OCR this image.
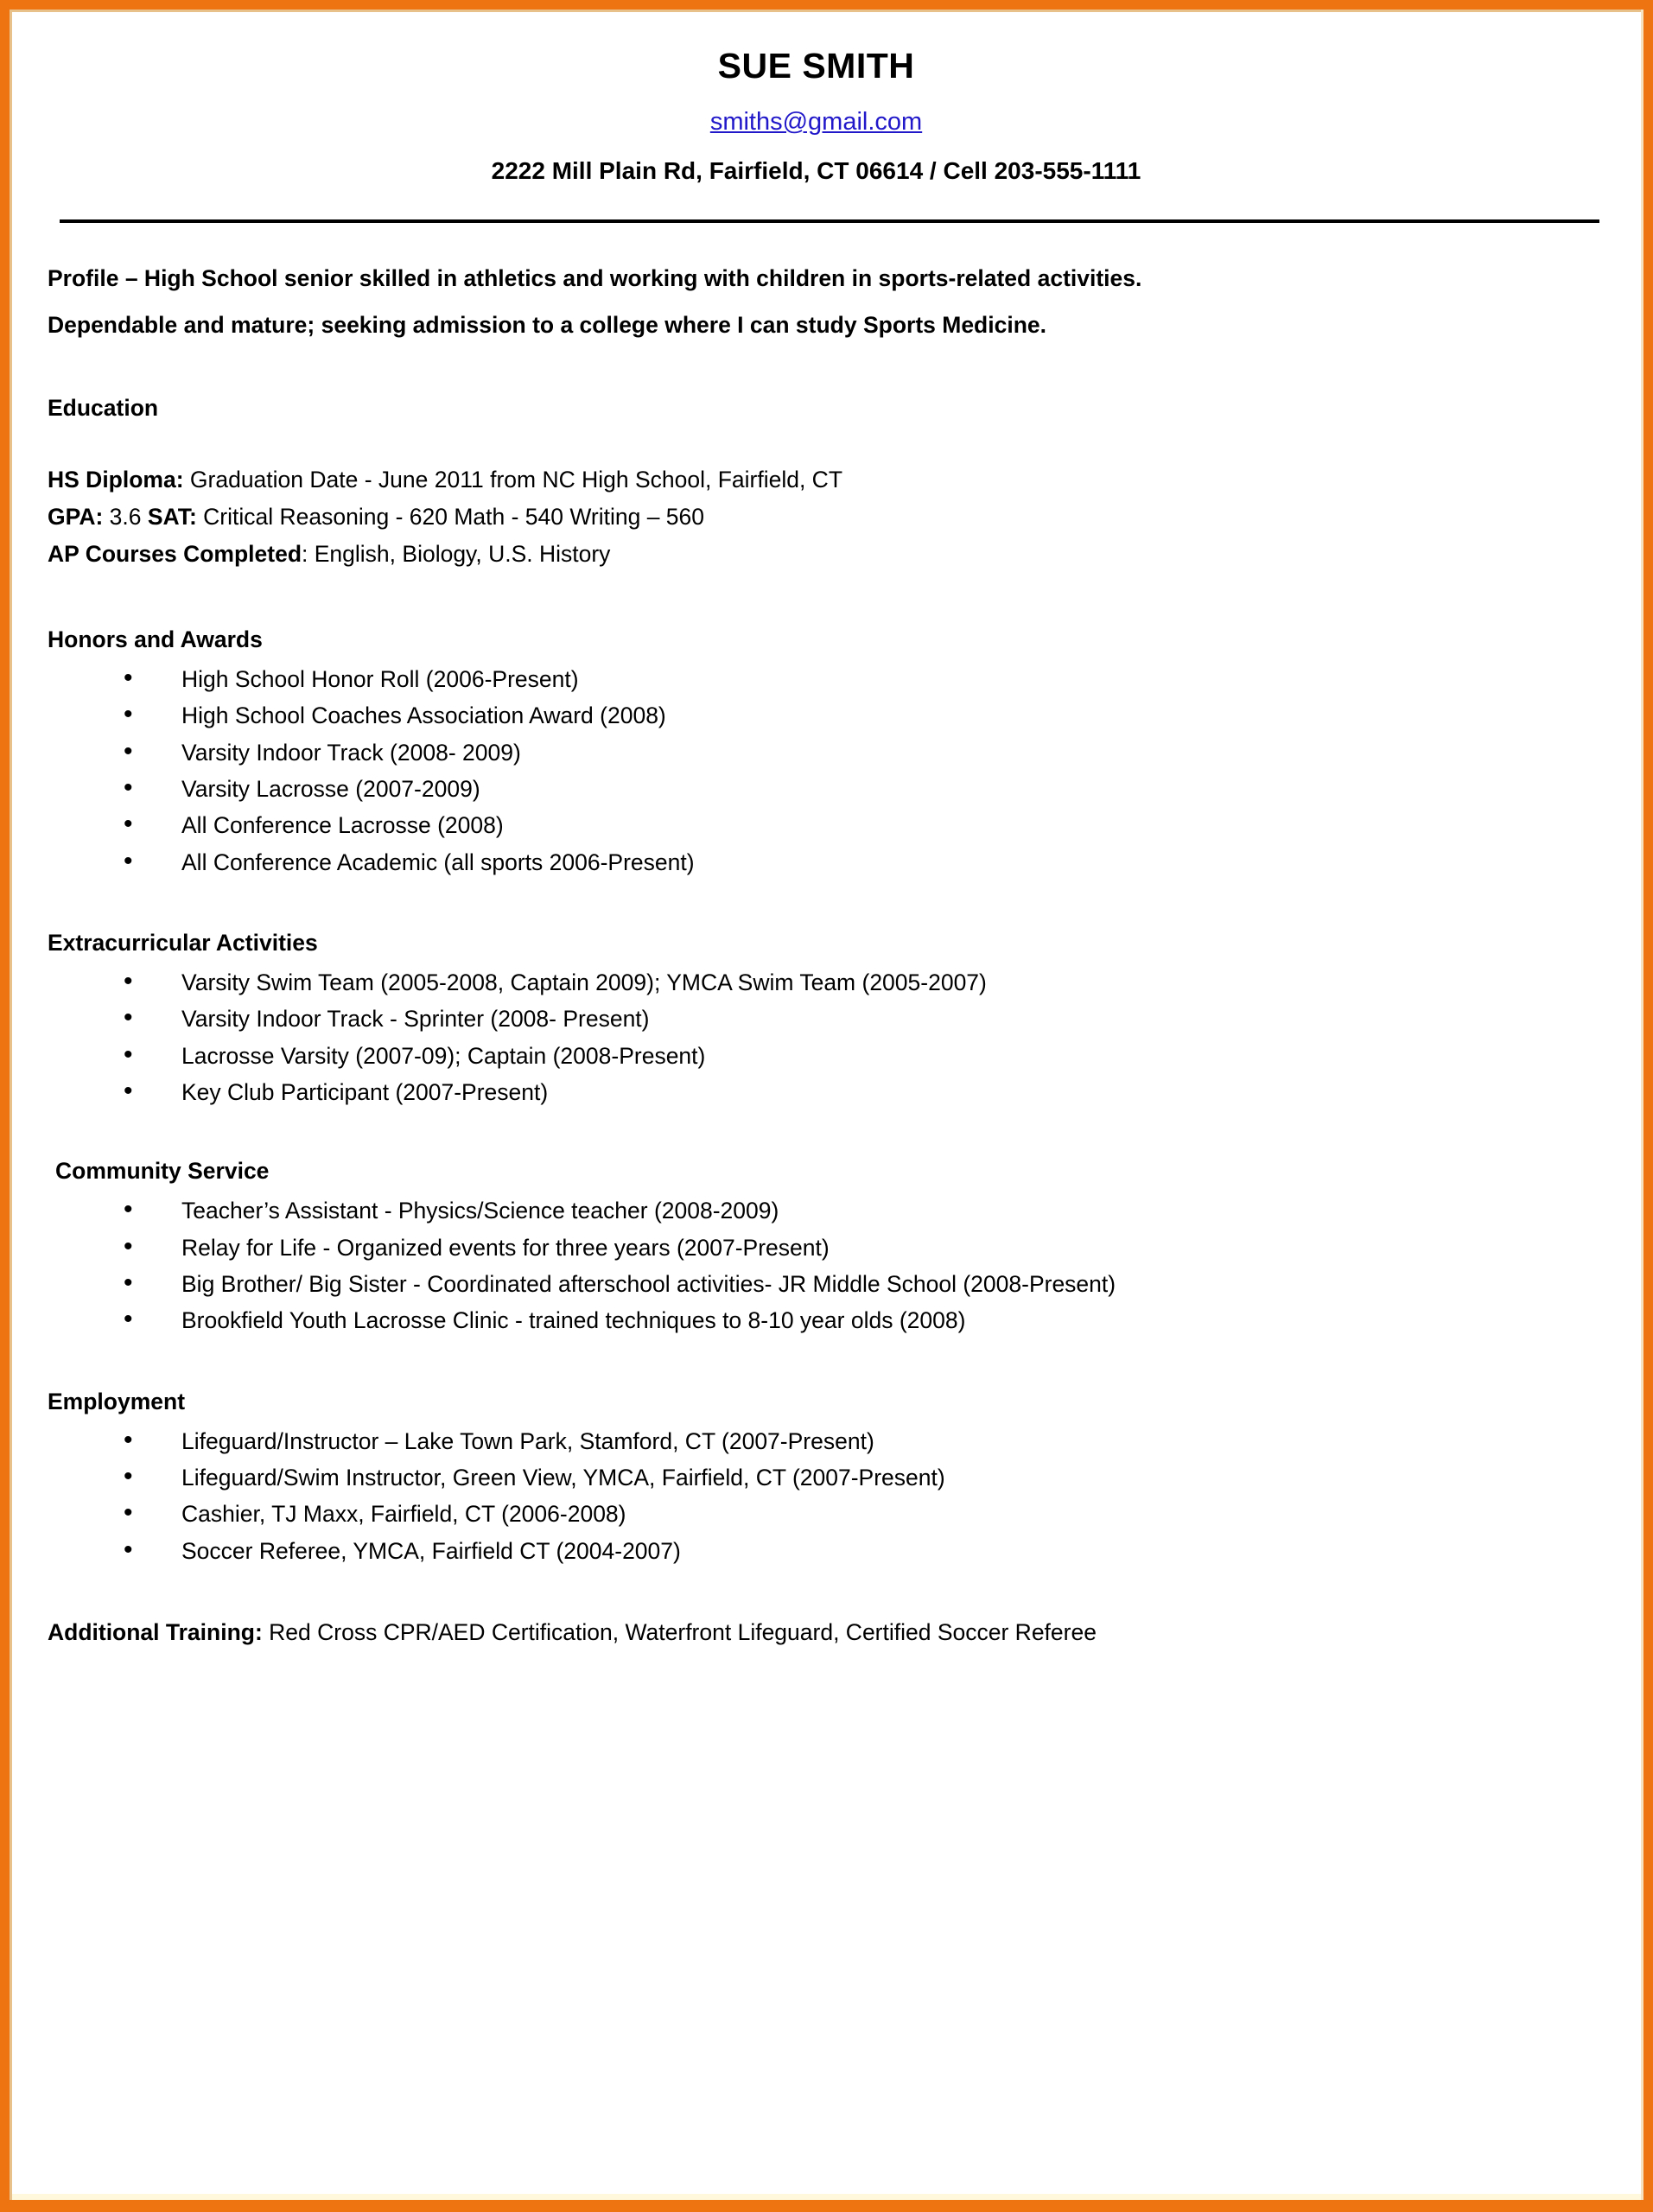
SUE SMITH
smiths@gmail.com
2222 Mill Plain Rd, Fairfield, CT 06614 / Cell 203-555-1111
Profile – High School senior skilled in athletics and working with children in sports-related activities.
Dependable and mature; seeking admission to a college where I can study Sports Medicine.
Education
HS Diploma: Graduation Date - June 2011 from NC High School, Fairfield, CT
GPA: 3.6 SAT: Critical Reasoning - 620 Math - 540 Writing – 560
AP Courses Completed: English, Biology, U.S. History
Honors and Awards
• High School Honor Roll (2006-Present)
• High School Coaches Association Award (2008)
• Varsity Indoor Track (2008- 2009)
• Varsity Lacrosse (2007-2009)
• All Conference Lacrosse (2008)
• All Conference Academic (all sports 2006-Present)
Extracurricular Activities
• Varsity Swim Team (2005-2008, Captain 2009); YMCA Swim Team (2005-2007)
• Varsity Indoor Track - Sprinter (2008- Present)
• Lacrosse Varsity (2007-09); Captain (2008-Present)
• Key Club Participant (2007-Present)
Community Service
• Teacher’s Assistant - Physics/Science teacher (2008-2009)
• Relay for Life - Organized events for three years (2007-Present)
• Big Brother/ Big Sister - Coordinated afterschool activities- JR Middle School (2008-Present)
• Brookfield Youth Lacrosse Clinic - trained techniques to 8-10 year olds (2008)
Employment
• Lifeguard/Instructor – Lake Town Park, Stamford, CT (2007-Present)
• Lifeguard/Swim Instructor, Green View, YMCA, Fairfield, CT (2007-Present)
• Cashier, TJ Maxx, Fairfield, CT (2006-2008)
• Soccer Referee, YMCA, Fairfield CT (2004-2007)
Additional Training: Red Cross CPR/AED Certification, Waterfront Lifeguard, Certified Soccer Referee
